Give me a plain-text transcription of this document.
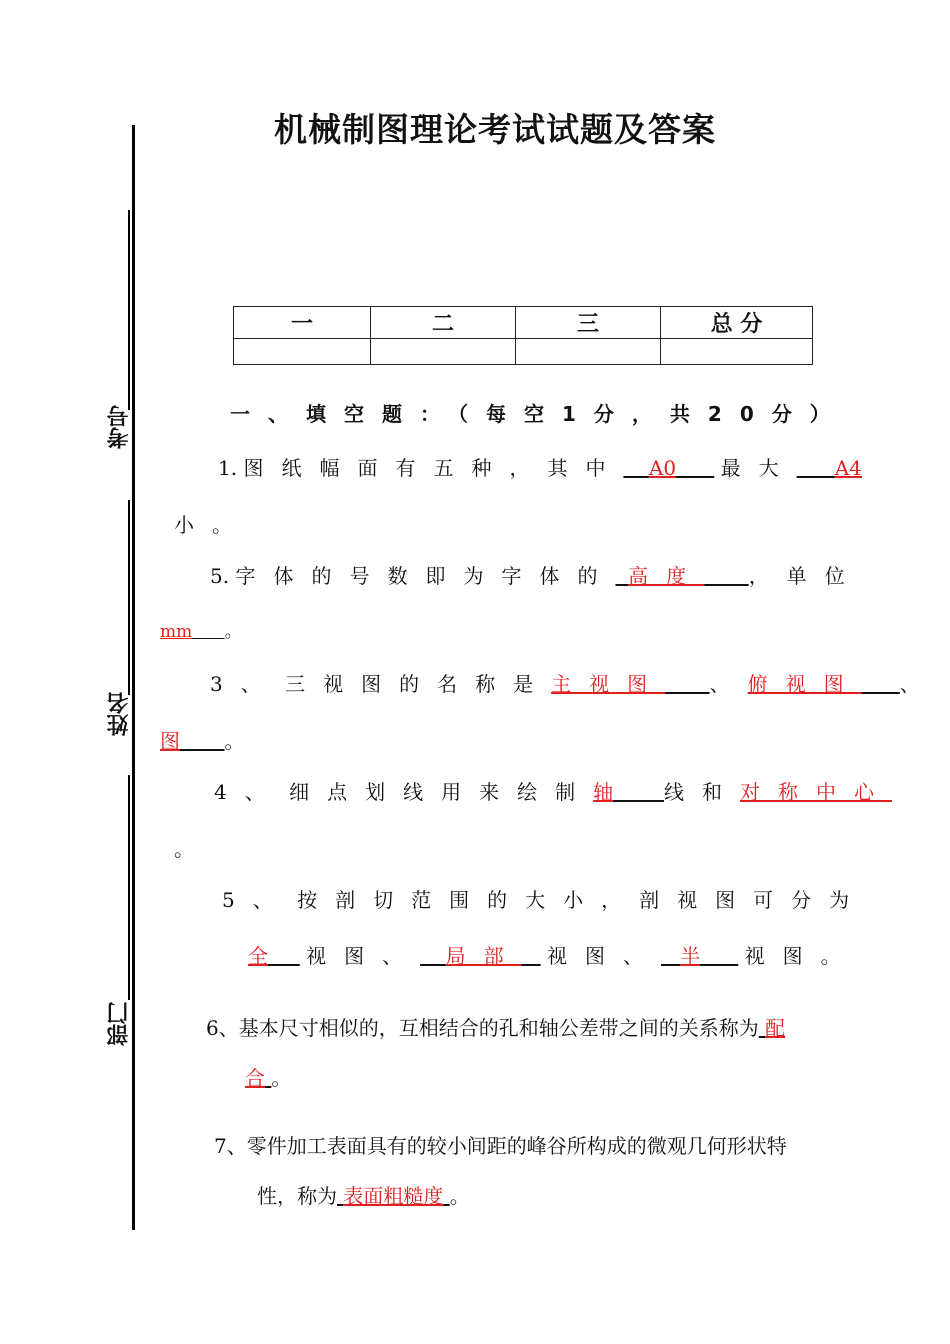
考号
姓名
部门
机械制图理论考试试题及答案
一	二	三	总 分

一、填空题：（每空1分，共20分）
1. 图纸幅面有五种，其中 A0 最大 A4
小。
5. 字体的号数即为字体的 高度 ，单位
mm 。
3、 三视图的名称是主视图 、俯视图 、
图 。
4、 细点划线用来绘制轴	线和对称中心
。
5、 按剖切范围的大小，剖视图可分为
全 视图、 局部 视图、 半 视图。
6、基本尺寸相似的，互相结合的孔和轴公差带之间的关系称为 配
合 。
7、零件加工表面具有的较小间距的峰谷所构成的微观几何形状特
性，称为 表面粗糙度 。
